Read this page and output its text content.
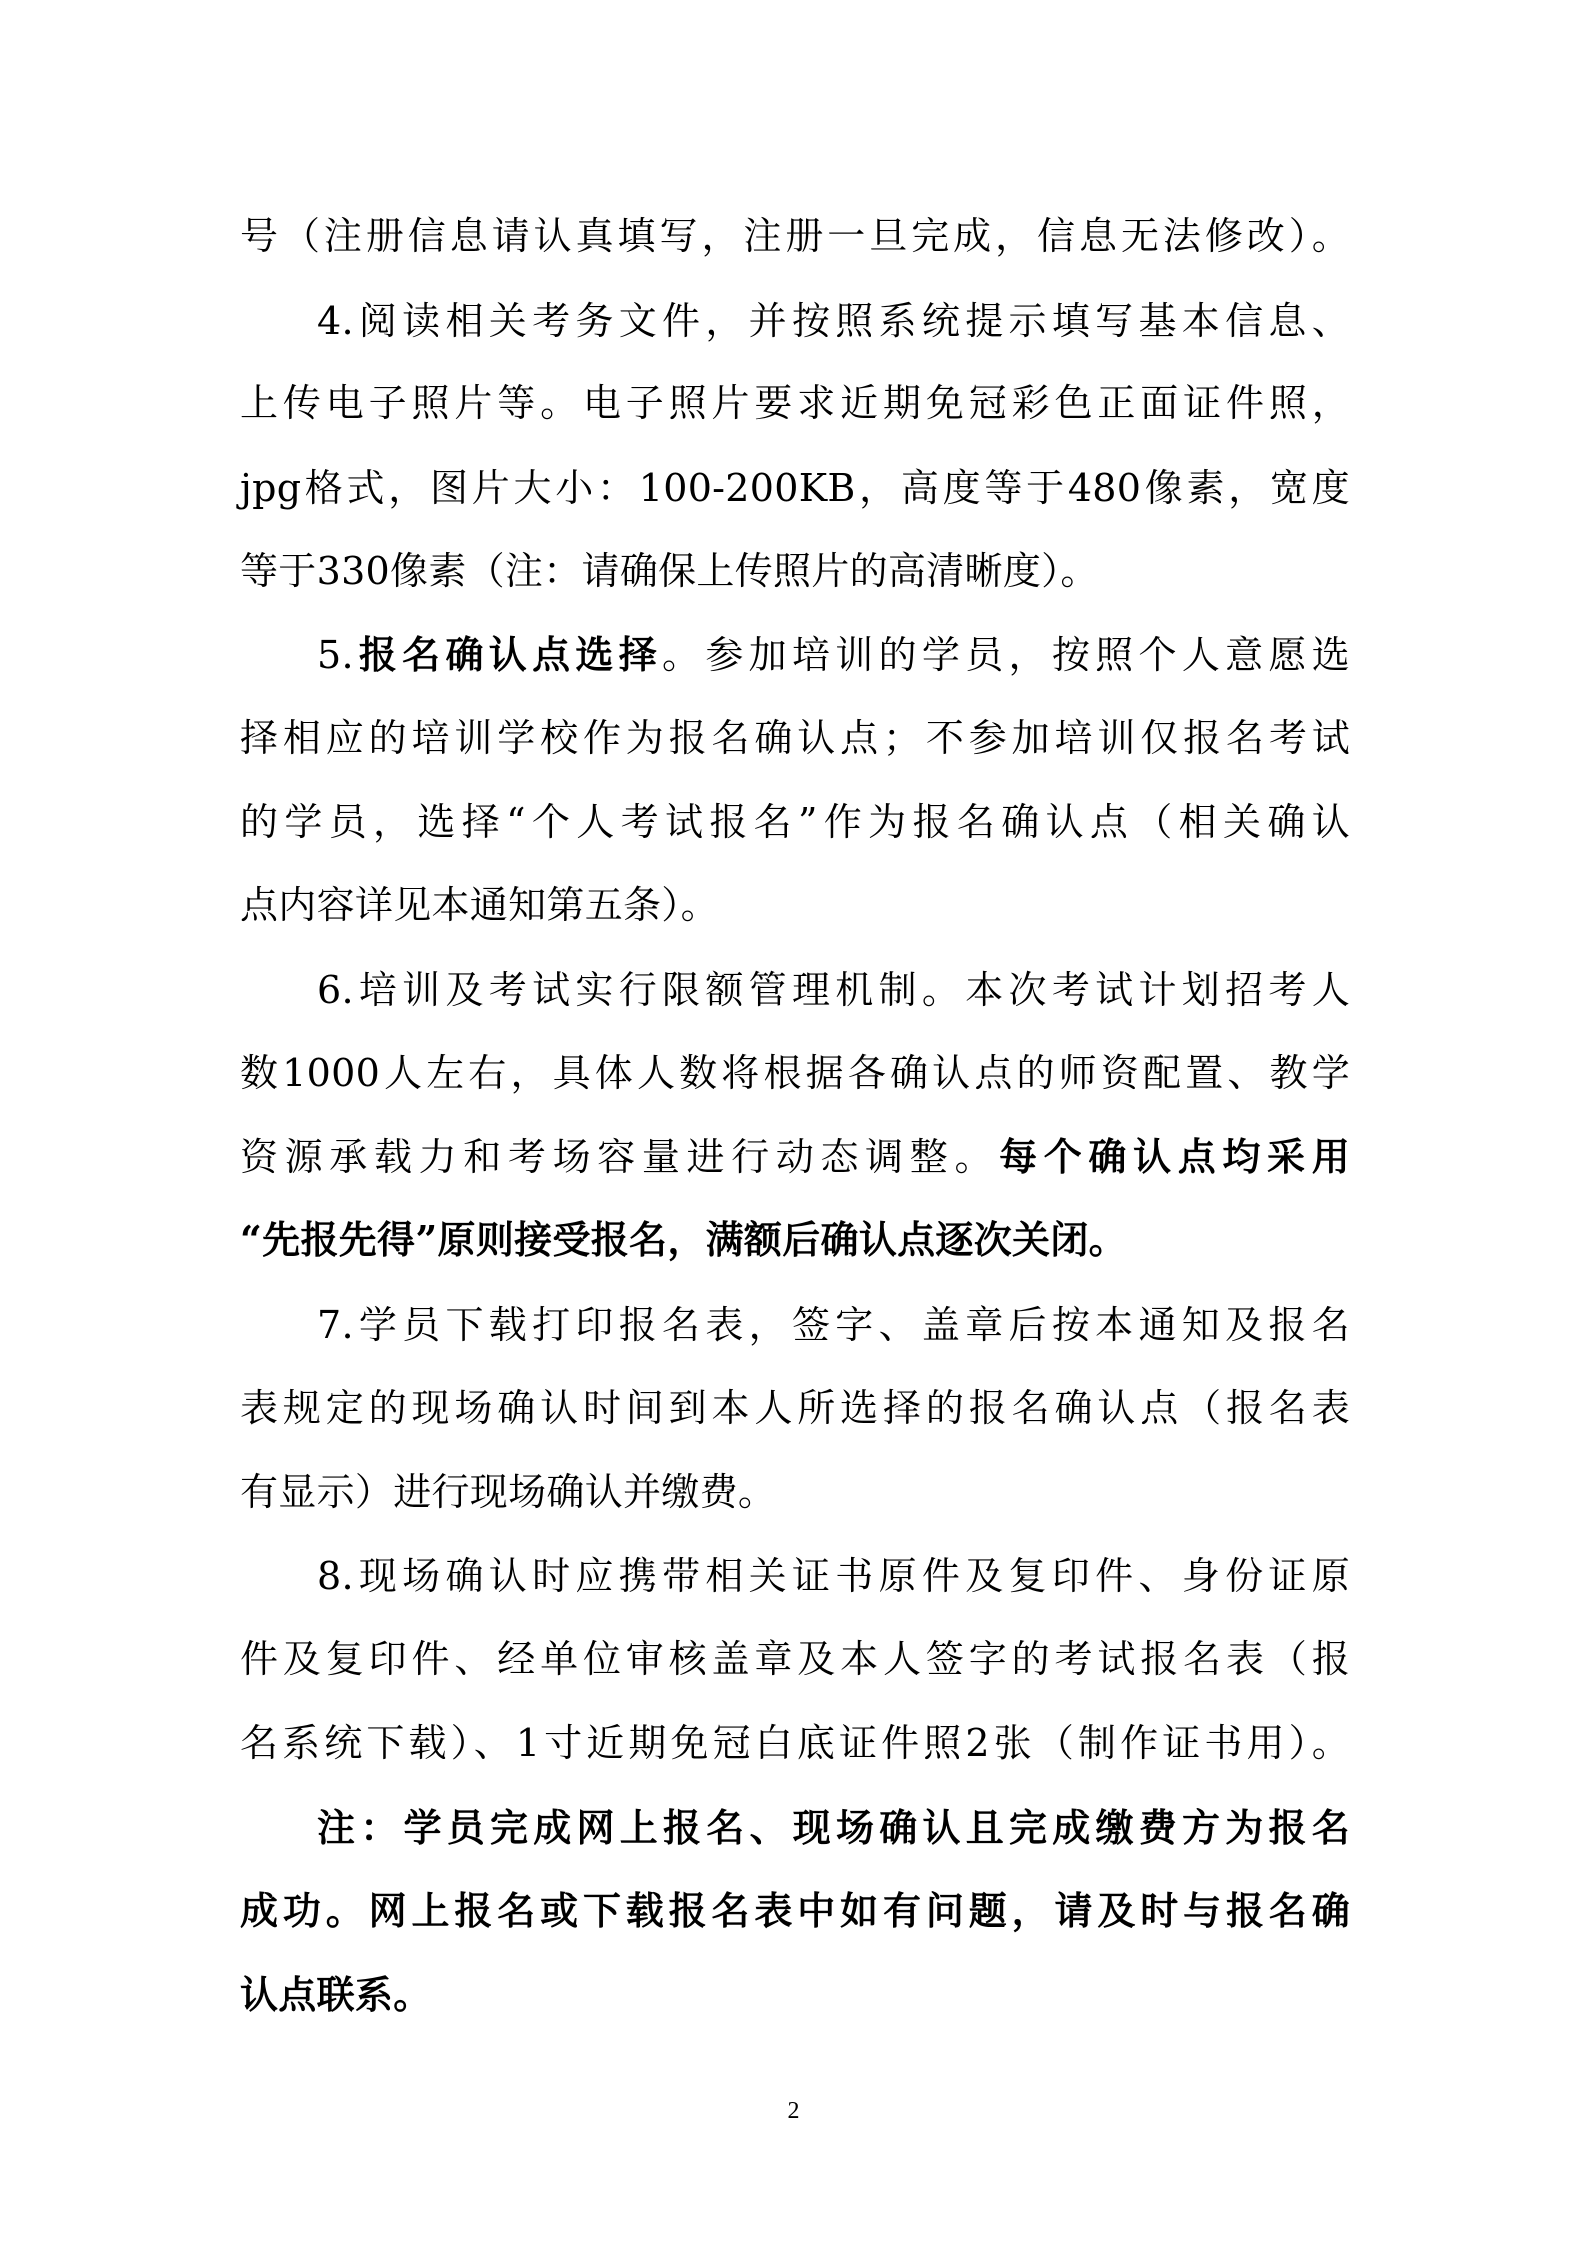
号（注册信息请认真填写，注册一旦完成，信息无法修改）。
4.阅读相关考务文件，并按照系统提示填写基本信息、
上传电子照片等。电子照片要求近期免冠彩色正面证件照，
jpg格式，图片大小：100-200KB，高度等于480像素，宽度
等于330像素（注：请确保上传照片的高清晰度）。
5.报名确认点选择。参加培训的学员，按照个人意愿选
择相应的培训学校作为报名确认点；不参加培训仅报名考试
的学员，选择“个人考试报名”作为报名确认点（相关确认
点内容详见本通知第五条）。
6.培训及考试实行限额管理机制。本次考试计划招考人
数1000人左右，具体人数将根据各确认点的师资配置、教学
资源承载力和考场容量进行动态调整。每个确认点均采用
“先报先得”原则接受报名，满额后确认点逐次关闭。
7.学员下载打印报名表，签字、盖章后按本通知及报名
表规定的现场确认时间到本人所选择的报名确认点（报名表
有显示）进行现场确认并缴费。
8.现场确认时应携带相关证书原件及复印件、身份证原
件及复印件、经单位审核盖章及本人签字的考试报名表（报
名系统下载）、1寸近期免冠白底证件照2张（制作证书用）。
注：学员完成网上报名、现场确认且完成缴费方为报名
成功。网上报名或下载报名表中如有问题，请及时与报名确
认点联系。
2
